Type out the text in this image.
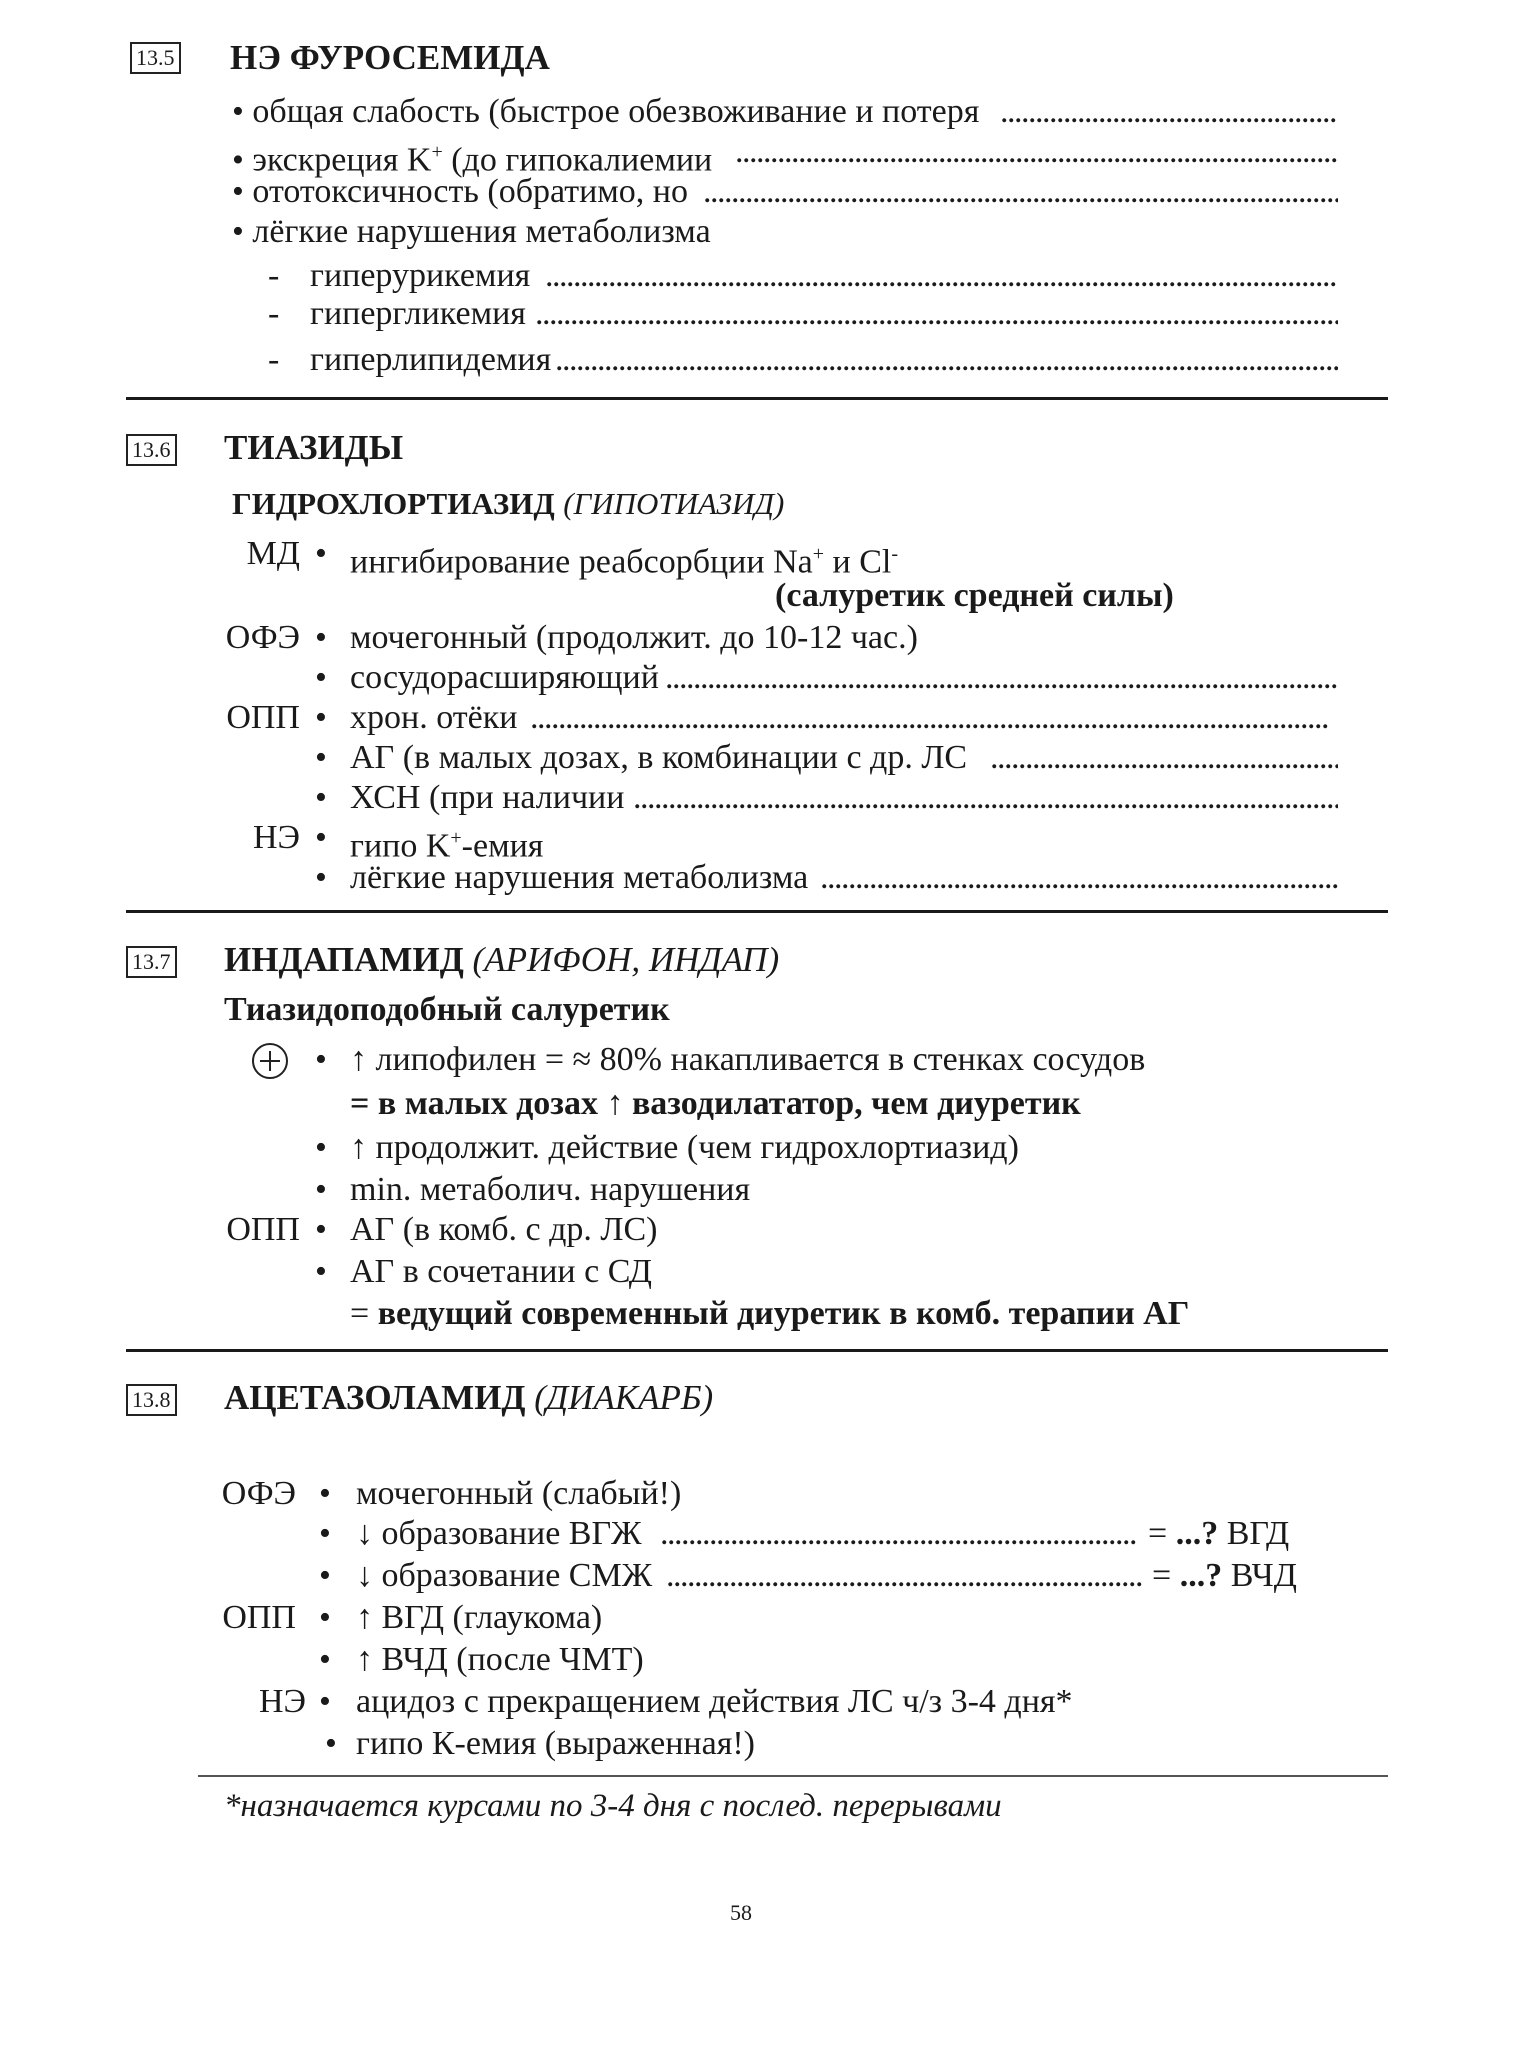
13.5 НЭ ФУРОСЕМИДА
• общая слабость (быстрое обезвоживание и потеря
. . .
• экскреция K+ (до гипокалиемии
. . .
• ототоксичность (обратимо, но
. . .
• лёгкие нарушения метаболизма
- гиперурикемия
. . .
- гипергликемия
. . .
- гиперлипидемия
. . .
13.6 ТИАЗИДЫ
ГИДРОХЛОРТИАЗИД (ГИПОТИАЗИД)
МД • ингибирование реабсорбции Na+ и Cl-
(салуретик средней силы)
ОФЭ • мочегонный (продолжит. до 10-12 час.)
• сосудорасширяющий
. . .
ОПП • хрон. отёки
. . .
• АГ (в малых дозах, в комбинации с др. ЛС
. . .
• ХСН (при наличии
. . .
НЭ • гипо K+-емия
• лёгкие нарушения метаболизма
. . .
13.7 ИНДАПАМИД (АРИФОН, ИНДАП)
Тиазидоподобный салуретик
• ↑ липофилен = ≈ 80% накапливается в стенках сосудов
= в малых дозах ↑ вазодилататор, чем диуретик
• ↑ продолжит. действие (чем гидрохлортиазид)
• min. метаболич. нарушения
ОПП • АГ (в комб. с др. ЛС)
• АГ в сочетании с СД
= ведущий современный диуретик в комб. терапии АГ
13.8 АЦЕТАЗОЛАМИД (ДИАКАРБ)
ОФЭ • мочегонный (слабый!)
• ↓ образование ВГЖ . . .	= ...? ВГД
• ↓ образование СМЖ . . .	= ...? ВЧД
ОПП • ↑ ВГД (глаукома)
• ↑ ВЧД (после ЧМТ)
НЭ • ацидоз с прекращением действия ЛС ч/з 3-4 дня*
• гипо К-емия (выраженная!)
*назначается курсами по 3-4 дня с послед. перерывами
58
